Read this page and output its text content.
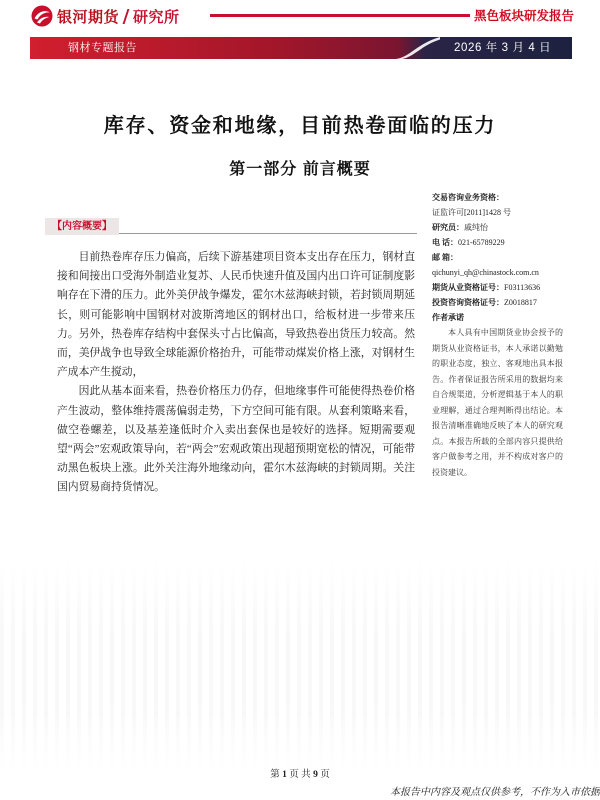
银河期货 研究所	黑色板块研发报告
钢材专题报告	2026 年 3 月 4 日
库存、资金和地缘，目前热卷面临的压力
第一部分 前言概要
【内容概要】

目前热卷库存压力偏高，后续下游基建项目资本支出存在压力，钢材直接和间接出口受海外制造业复苏、人民币快速升值及国内出口许可证制度影响存在下滑的压力。此外美伊战争爆发，霍尔木兹海峡封锁，若封锁周期延长，则可能影响中国钢材对波斯湾地区的钢材出口，给板材进一步带来压力。另外，热卷库存结构中套保头寸占比偏高，导致热卷出货压力较高。然而，美伊战争也导致全球能源价格抬升，可能带动煤炭价格上涨，对钢材生产成本产生搅动，

因此从基本面来看，热卷价格压力仍存，但地缘事件可能使得热卷价格产生波动，整体维持震荡偏弱走势，下方空间可能有限。从套利策略来看，做空卷螺差，以及基差逢低时介入卖出套保也是较好的选择。短期需要观望“两会”宏观政策导向，若“两会”宏观政策出现超预期宽松的情况，可能带动黑色板块上涨。此外关注海外地缘动向，霍尔木兹海峡的封锁周期。关注国内贸易商持货情况。

交易咨询业务资格：
证监许可[2011]1428 号
研究员：戚纯怡
电 话：021-65789229
邮 箱：
qichunyi_qh@chinastock.com.cn
期货从业资格证号：F03113636
投资咨询资格证号：Z0018817
作者承诺

本人具有中国期货业协会授予的期货从业资格证书，本人承诺以勤勉的职业态度，独立、客观地出具本报告。作者保证报告所采用的数据均来自合规渠道，分析逻辑基于本人的职业理解，通过合理判断得出结论。本报告清晰准确地反映了本人的研究观点。本报告所载的全部内容只提供给客户做参考之用，并不构成对客户的投资建议。

第 1 页 共 9 页
本报告中内容及观点仅供参考，不作为入市依据
